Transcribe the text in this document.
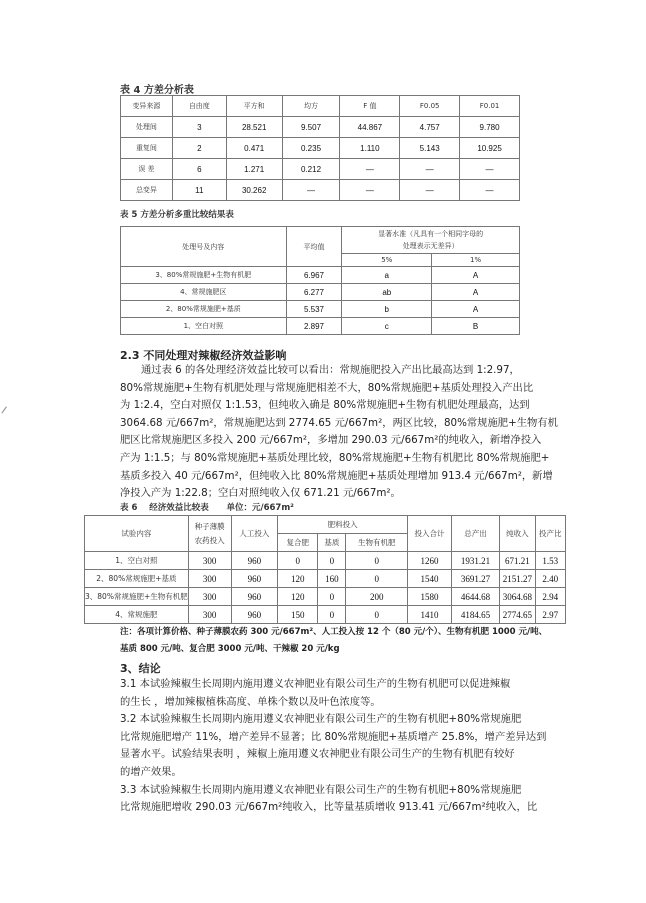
表 4 方差分析表
变异来源	自由度	平方和	均方	F 值	F0.05	F0.01
处理间	3	28.521	9.507	44.867	4.757	9.780
重复间	2	0.471	0.235	1.110	5.143	10.925
误 差	6	1.271	0.212	—	—	—
总变异	11	30.262	—	—	—	—
表 5 方差分析多重比较结果表
处理号及内容	平均值	显著水准（凡具有一个相同字母的
处理表示无差异）	

		5%	1%
3、80%常规施肥+生物有机肥	6.967	a	A
4、常规施肥区	6.277	ab	A
2、80%常规施肥+基质	5.537	b	A
1、空白对照	2.897	c	B
2.3 不同处理对辣椒经济效益影响

通过表 6 的各处理经济效益比较可以看出：常规施肥投入产出比最高达到 1:2.97，

80%常规施肥+生物有机肥处理与常规施肥相差不大，80%常规施肥+基质处理投入产出比

为 1:2.4，空白对照仅 1:1.53，但纯收入确是 80%常规施肥+生物有机肥处理最高，达到

3064.68 元/667m²，常规施肥达到 2774.65 元/667m²，两区比较，80%常规施肥+生物有机

肥区比常规施肥区多投入 200 元/667m²，多增加 290.03 元/667m²的纯收入，新增净投入

产为 1:1.5；与 80%常规施肥+基质处理比较，80%常规施肥+生物有机肥比 80%常规施肥+

基质多投入 40 元/667m²，但纯收入比 80%常规施肥+基质处理增加 913.4 元/667m²，新增

净投入产为 1:22.8；空白对照纯收入仅 671.21 元/667m²。

表 6    经济效益比较表      单位：元/667m²
试验内容	种子薄膜
农药投入	人工投入	肥料投入			投入合计	总产出	纯收入	投产比
			复合肥	基质	生物有机肥				
1、空白对照	300	960	0	0	0	1260	1931.21	671.21	1.53
2、80%常规施肥+基质	300	960	120	160	0	1540	3691.27	2151.27	2.40
3、80%常规施肥+生物有机肥	300	960	120	0	200	1580	4644.68	3064.68	2.94
4、常规施肥	300	960	150	0	0	1410	4184.65	2774.65	2.97

注：各项计算价格、种子薄膜农药 300 元/667m²、人工投入按 12 个（80 元/个）、生物有机肥 1000 元/吨、

基质 800 元/吨、复合肥 3000 元/吨、干辣椒 20 元/kg

3、结论

3.1 本试验辣椒生长周期内施用遵义农神肥业有限公司生产的生物有机肥可以促进辣椒

的生长 ，增加辣椒植株高度、单株个数以及叶色浓度等。

3.2 本试验辣椒生长周期内施用遵义农神肥业有限公司生产的生物有机肥+80%常规施肥

比常规施肥增产 11%，增产差异不显著；比 80%常规施肥+基质增产 25.8%，增产差异达到

显著水平。试验结果表明 ，辣椒上施用遵义农神肥业有限公司生产的生物有机肥有较好

的增产效果。

3.3 本试验辣椒生长周期内施用遵义农神肥业有限公司生产的生物有机肥+80%常规施肥

比常规施肥增收 290.03 元/667m²纯收入，比等量基质增收 913.41 元/667m²纯收入，比
